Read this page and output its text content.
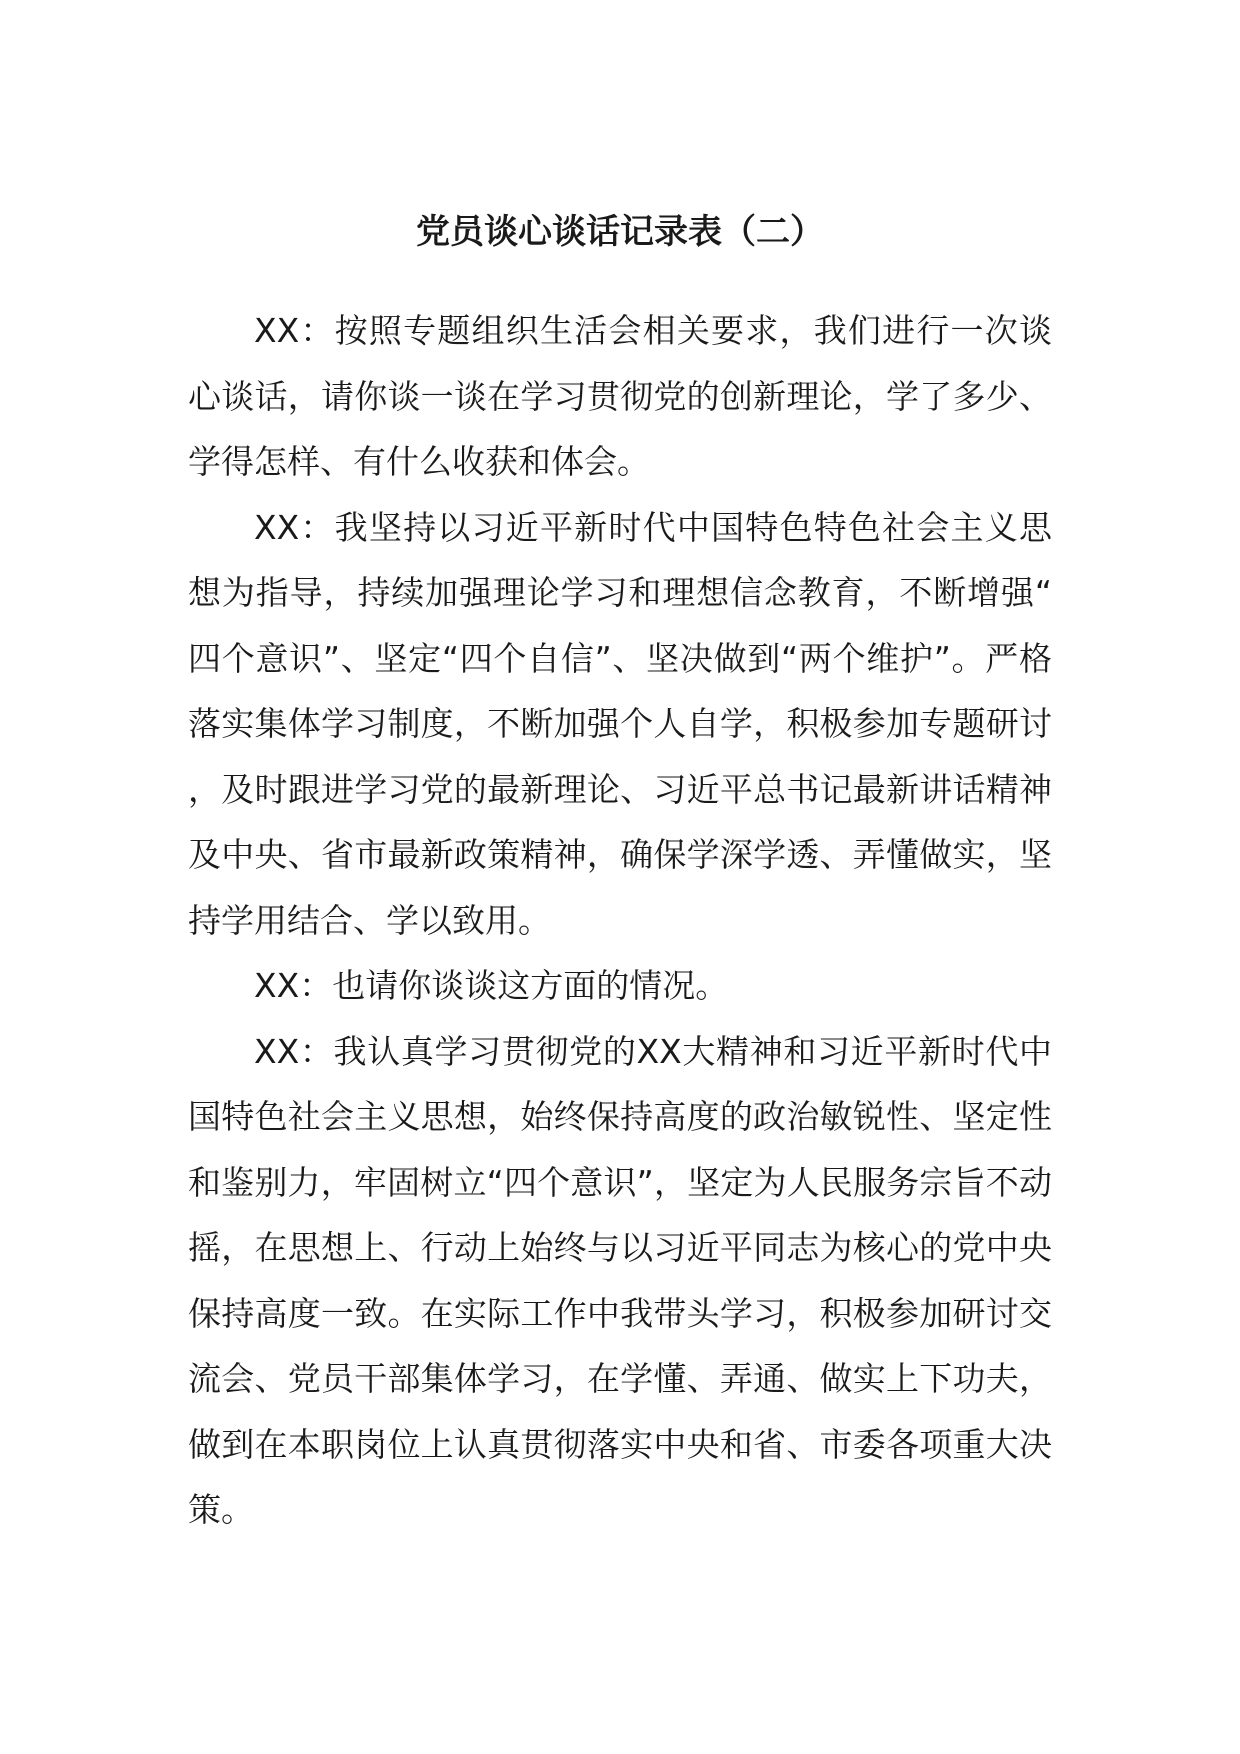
党员谈心谈话记录表（二）

XX：按照专题组织生活会相关要求，我们进行一次谈心谈话，请你谈一谈在学习贯彻党的创新理论，学了多少、学得怎样、有什么收获和体会。

XX：我坚持以习近平新时代中国特色特色社会主义思想为指导，持续加强理论学习和理想信念教育，不断增强“四个意识”、坚定“四个自信”、坚决做到“两个维护”。严格落实集体学习制度，不断加强个人自学，积极参加专题研讨，及时跟进学习党的最新理论、习近平总书记最新讲话精神及中央、省市最新政策精神，确保学深学透、弄懂做实，坚持学用结合、学以致用。

XX：也请你谈谈这方面的情况。

XX：我认真学习贯彻党的XX大精神和习近平新时代中国特色社会主义思想，始终保持高度的政治敏锐性、坚定性和鉴别力，牢固树立“四个意识”，坚定为人民服务宗旨不动摇，在思想上、行动上始终与以习近平同志为核心的党中央保持高度一致。在实际工作中我带头学习，积极参加研讨交流会、党员干部集体学习，在学懂、弄通、做实上下功夫，做到在本职岗位上认真贯彻落实中央和省、市委各项重大决策。
